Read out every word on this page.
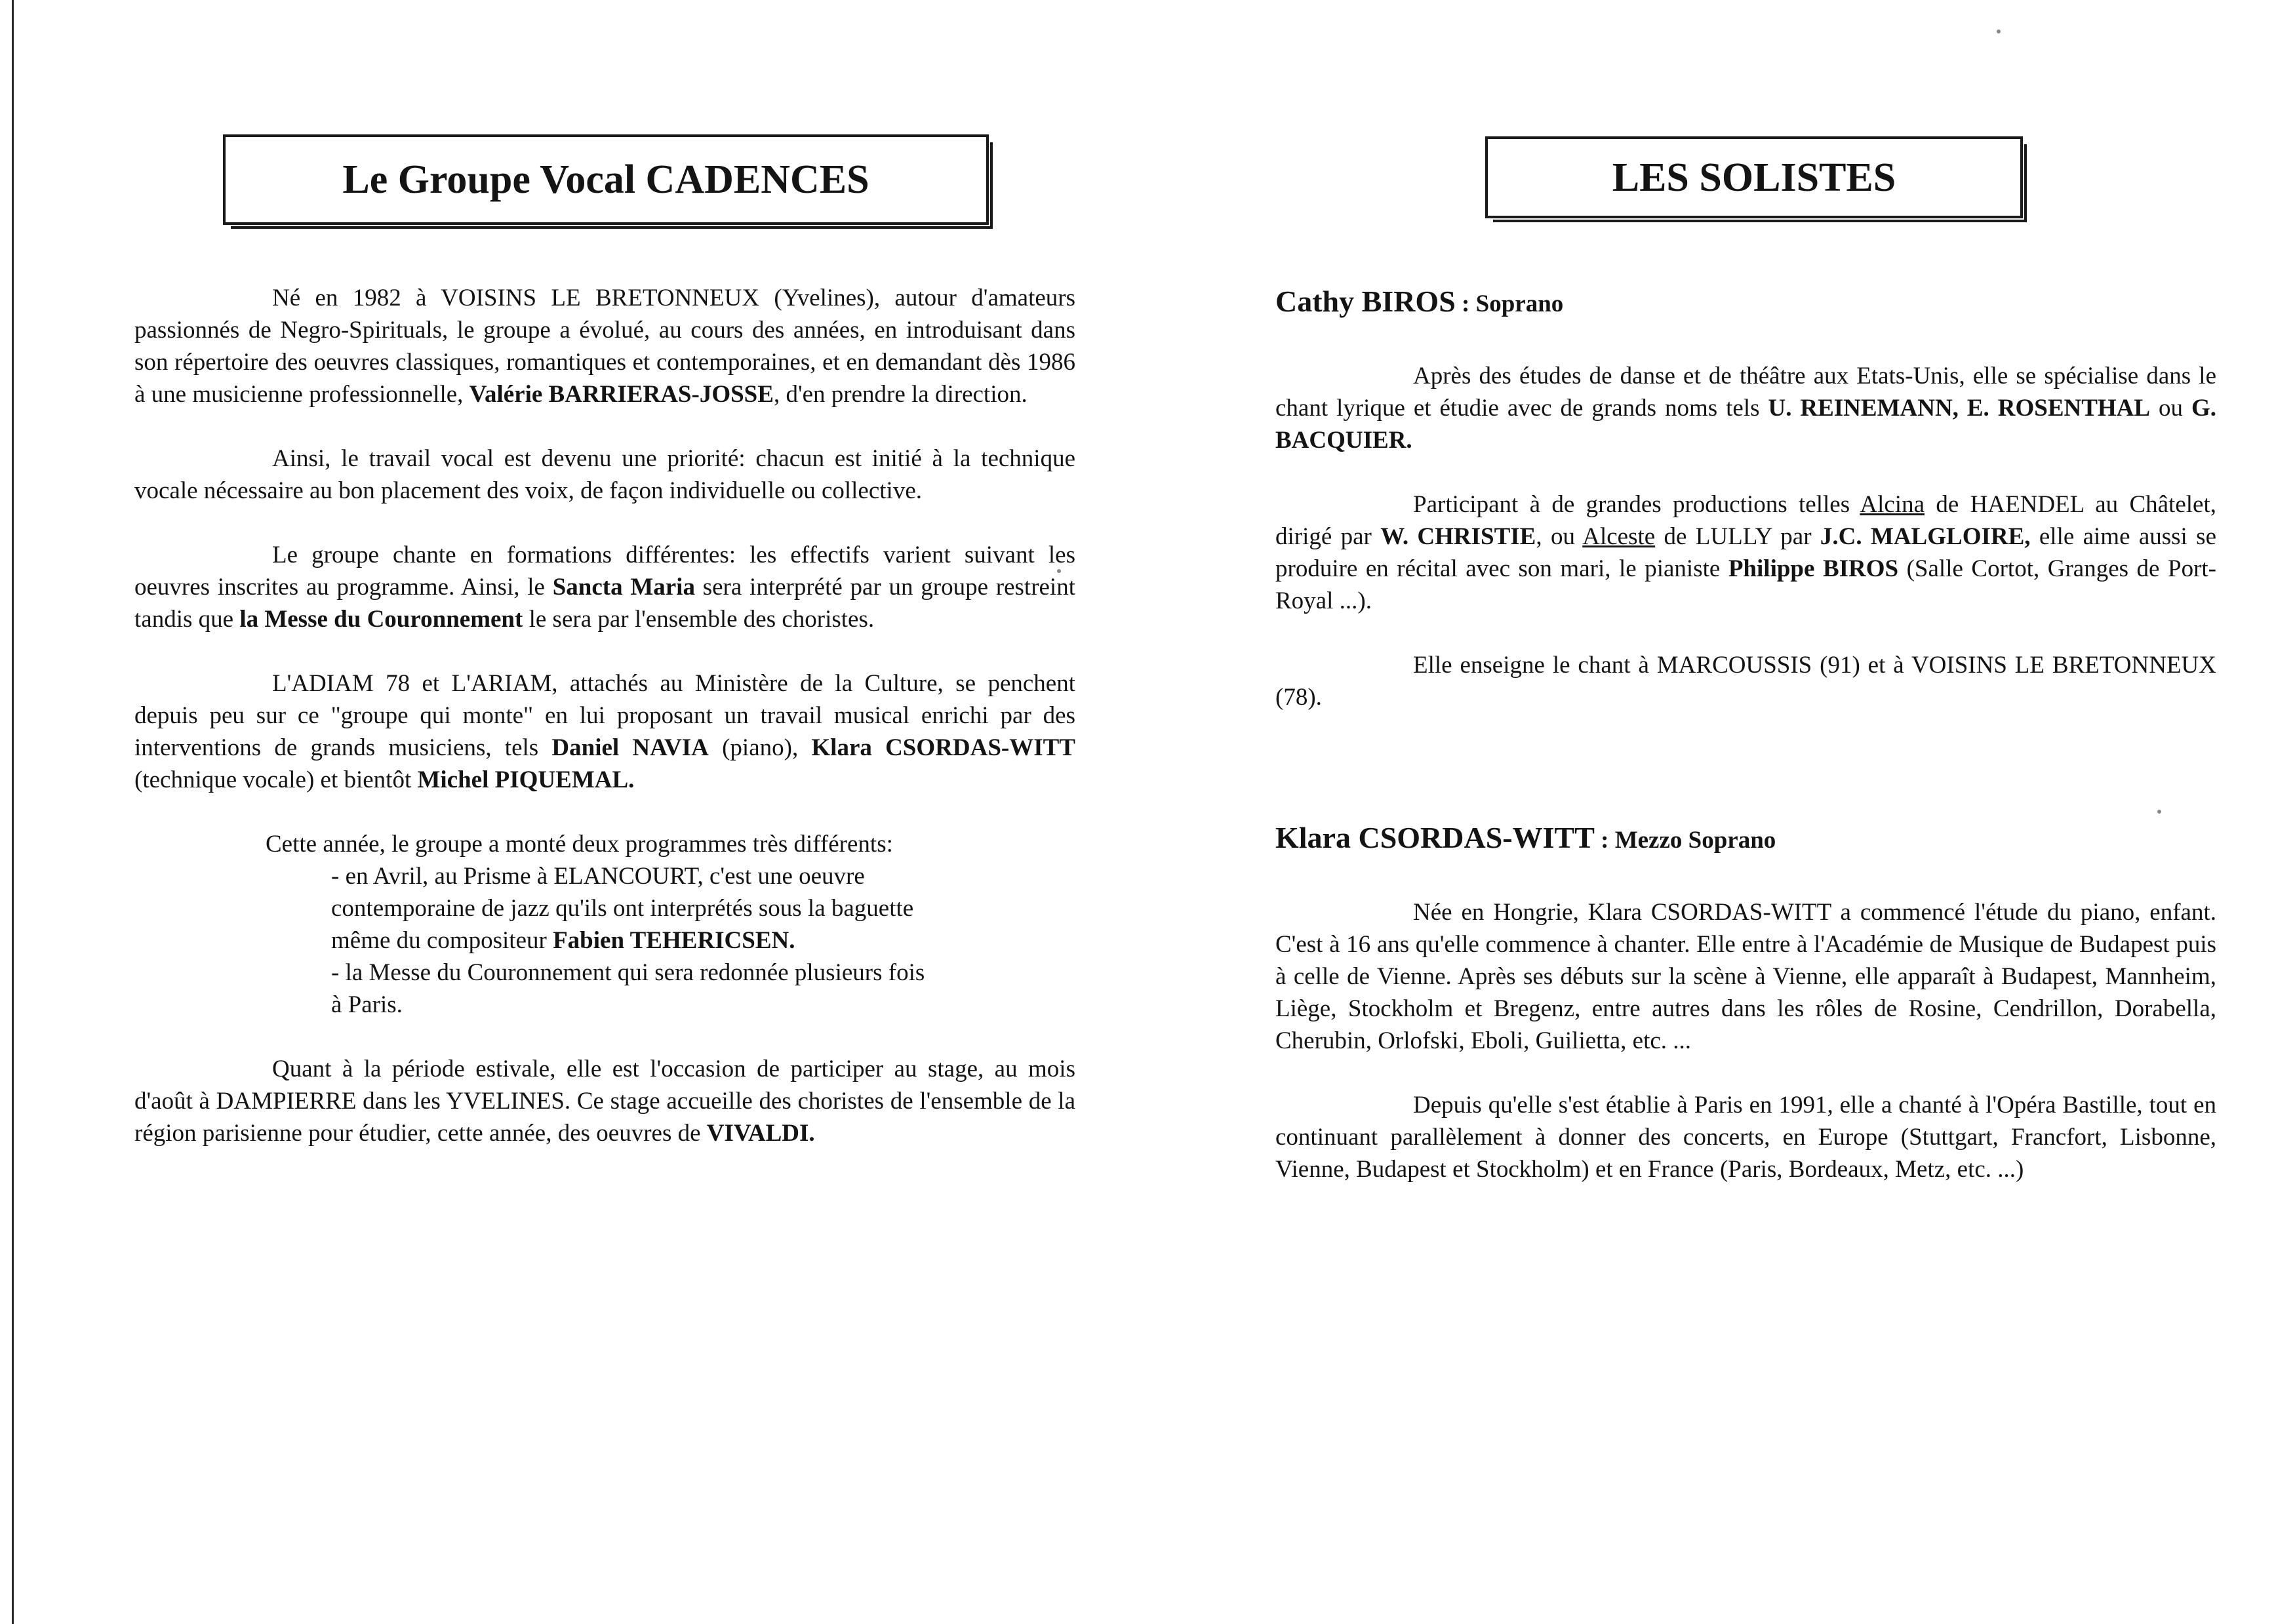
Le Groupe Vocal CADENCES

Né en 1982 à VOISINS LE BRETONNEUX (Yvelines), autour d'amateurs passionnés de Negro-Spirituals, le groupe a évolué, au cours des années, en introduisant dans son répertoire des oeuvres classiques, romantiques et contemporaines, et en demandant dès 1986 à une musicienne professionnelle, Valérie BARRIERAS-JOSSE, d'en prendre la direction.

Ainsi, le travail vocal est devenu une priorité: chacun est initié à la technique vocale nécessaire au bon placement des voix, de façon individuelle ou collective.

Le groupe chante en formations différentes: les effectifs varient suivant les oeuvres inscrites au programme. Ainsi, le Sancta Maria sera interprété par un groupe restreint tandis que la Messe du Couronnement le sera par l'ensemble des choristes.

L'ADIAM 78 et L'ARIAM, attachés au Ministère de la Culture, se penchent depuis peu sur ce "groupe qui monte" en lui proposant un travail musical enrichi par des interventions de grands musiciens, tels Daniel NAVIA (piano), Klara CSORDAS-WITT (technique vocale) et bientôt Michel PIQUEMAL.

Cette année, le groupe a monté deux programmes très différents:

- en Avril, au Prisme à ELANCOURT, c'est une oeuvre
contemporaine de jazz qu'ils ont interprétés sous la baguette
même du compositeur Fabien TEHERICSEN.
- la Messe du Couronnement qui sera redonnée plusieurs fois
à Paris.

Quant à la période estivale, elle est l'occasion de participer au stage, au mois d'août à DAMPIERRE dans les YVELINES. Ce stage accueille des choristes de l'ensemble de la région parisienne pour étudier, cette année, des oeuvres de VIVALDI.

LES SOLISTES

Cathy BIROS : Soprano

Après des études de danse et de théâtre aux Etats-Unis, elle se spécialise dans le chant lyrique et étudie avec de grands noms tels U. REINEMANN, E. ROSENTHAL ou G. BACQUIER.

Participant à de grandes productions telles Alcina de HAENDEL au Châtelet, dirigé par W. CHRISTIE, ou Alceste de LULLY par J.C. MALGLOIRE, elle aime aussi se produire en récital avec son mari, le pianiste Philippe BIROS (Salle Cortot, Granges de Port-Royal ...).

Elle enseigne le chant à MARCOUSSIS (91) et à VOISINS LE BRETONNEUX (78).

Klara CSORDAS-WITT : Mezzo Soprano

Née en Hongrie, Klara CSORDAS-WITT a commencé l'étude du piano, enfant. C'est à 16 ans qu'elle commence à chanter. Elle entre à l'Académie de Musique de Budapest puis à celle de Vienne. Après ses débuts sur la scène à Vienne, elle apparaît à Budapest, Mannheim, Liège, Stockholm et Bregenz, entre autres dans les rôles de Rosine, Cendrillon, Dorabella, Cherubin, Orlofski, Eboli, Guilietta, etc. ...

Depuis qu'elle s'est établie à Paris en 1991, elle a chanté à l'Opéra Bastille, tout en continuant parallèlement à donner des concerts, en Europe (Stuttgart, Francfort, Lisbonne, Vienne, Budapest et Stockholm) et en France (Paris, Bordeaux, Metz, etc. ...)
